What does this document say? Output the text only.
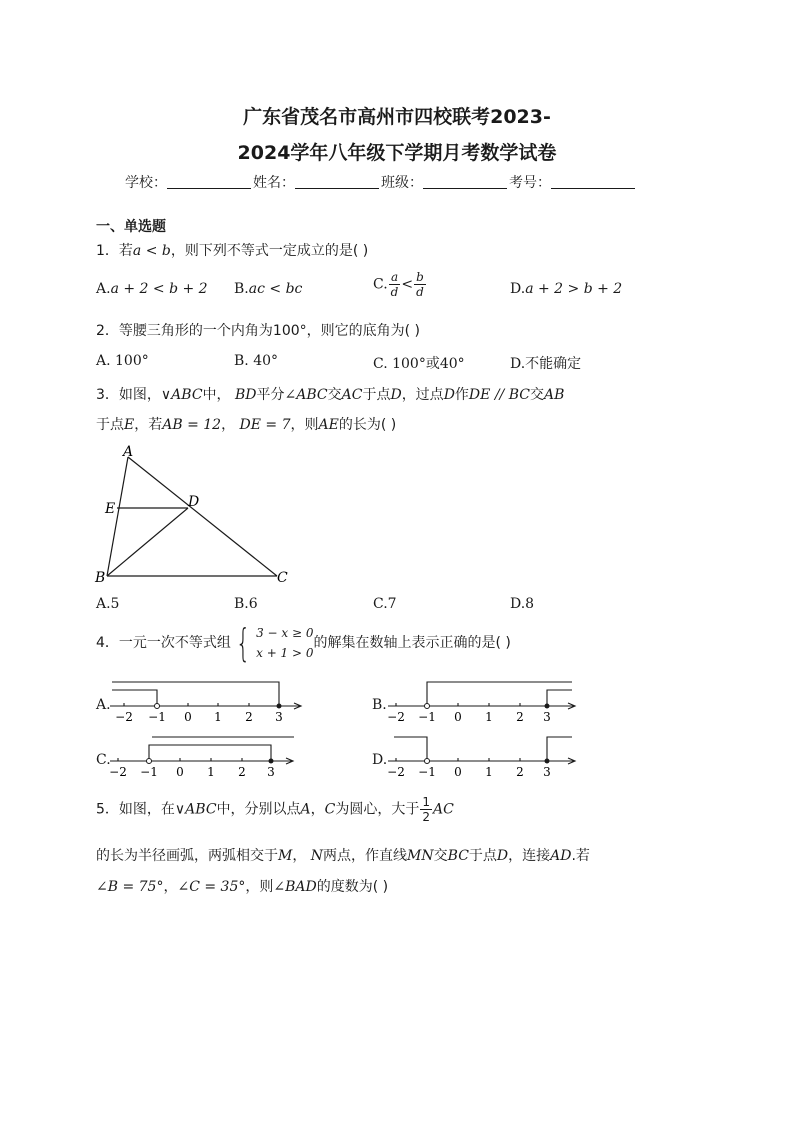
广东省茂名市高州市四校联考2023-
2024学年八年级下学期月考数学试卷
学校：	姓名：	班级：	考号：
一、单选题
1．若a < b，则下列不等式一定成立的是( )
A.a + 2 < b + 2 B.ac < bc	C. $\frac{a}{d} < \frac{b}{d}$	D.a + 2 > b + 2
2．等腰三角形的一个内角为100°，则它的底角为( )
A. 100°	B. 40°	C. 100°或40°	D.不能确定
3．如图，∨ABC中， BD平分∠ABC交AC于点D，过点D作DE // BC交AB
于点E，若AB = 12， DE = 7，则AE的长为( )
A
B	C
D
E
A.5	B.6	C.7	D.8
4．一元一次不等式组 { 3 − x ≥ 0
x + 1 > 0
的解集在数轴上表示正确的是( )
A.
−2 −1 0 1 2 3
B.
−2 −1 0 1 2 3
C.
−2 −1 0 1 2 3
D.
−2 −1 0 1 2 3
5．如图，在∨ABC中，分别以点A，C为圆心，大于 $\frac{1}{2}$ AC
的长为半径画弧，两弧相交于M， N两点，作直线MN交BC于点D，连接AD.若
∠B = 75°，∠C = 35°，则∠BAD的度数为( )
